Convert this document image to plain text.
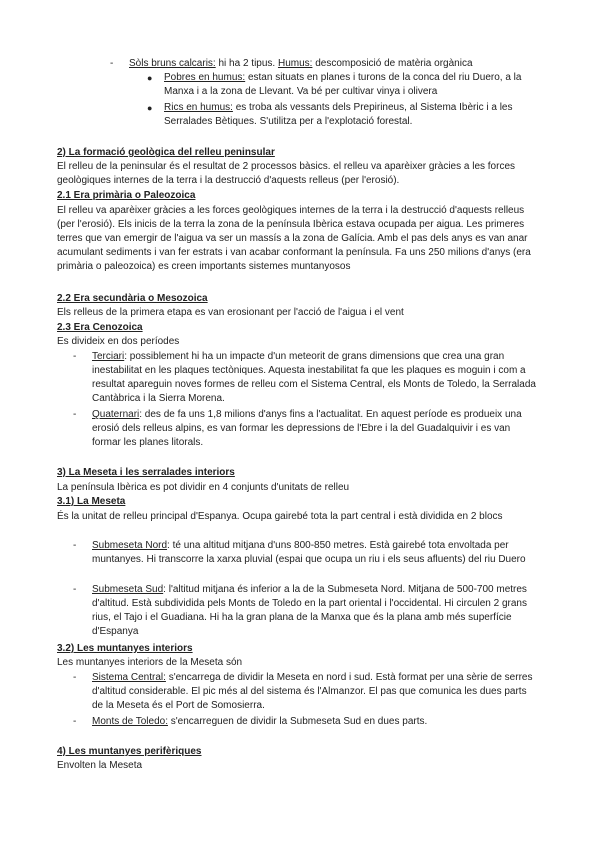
- Sòls bruns calcaris: hi ha 2 tipus. Humus: descomposició de matèria orgànica

● Pobres en humus: estan situats en planes i turons de la conca del riu Duero, a la Manxa i a la zona de Llevant. Va bé per cultivar vinya i olivera

● Rics en humus: es troba als vessants dels Prepirineus, al Sistema Ibèric i a les Serralades Bètiques. S'utilitza per a l'explotació forestal.

2) La formació geològica del relleu peninsular

El relleu de la peninsular és el resultat de 2 processos bàsics. el relleu va aparèixer gràcies a les forces geològiques internes de la terra i la destrucció d'aquests relleus (per l'erosió).

2.1 Era primària o Paleozoica

El relleu va aparèixer gràcies a les forces geològiques internes de la terra i la destrucció d'aquests relleus (per l'erosió). Els inicis de la terra la zona de la península Ibèrica estava ocupada per aigua. Les primeres terres que van emergir de l'aigua va ser un massís a la zona de Galícia. Amb el pas dels anys es van anar acumulant sediments i van fer estrats i van acabar conformant la península. Fa uns 250 milions d'anys (era primària o paleozoica) es creen importants sistemes muntanyosos

2.2 Era secundària o Mesozoica

Els relleus de la primera etapa es van erosionant per l'acció de l'aigua i el vent

2.3 Era Cenozoica

Es divideix en dos períodes

- Terciari: possiblement hi ha un impacte d'un meteorit de grans dimensions que crea una gran inestabilitat en les plaques tectòniques. Aquesta inestabilitat fa que les plaques es moguin i com a resultat apareguin noves formes de relleu com el Sistema Central, els Monts de Toledo, la Serralada Cantàbrica i la Sierra Morena.

- Quaternari: des de fa uns 1,8 milions d'anys fins a l'actualitat. En aquest període es produeix una erosió dels relleus alpins, es van formar les depressions de l'Ebre i la del Guadalquivir i es van formar les planes litorals.

3) La Meseta i les serralades interiors

La península Ibèrica es pot dividir en 4 conjunts d'unitats de relleu

3.1) La Meseta

És la unitat de relleu principal d'Espanya. Ocupa gairebé tota la part central i està dividida en 2 blocs

- Submeseta Nord: té una altitud mitjana d'uns 800-850 metres. Està gairebé tota envoltada per muntanyes. Hi transcorre la xarxa pluvial (espai que ocupa un riu i els seus afluents) del riu Duero

- Submeseta Sud: l'altitud mitjana és inferior a la de la Submeseta Nord. Mitjana de 500-700 metres d'altitud. Està subdividida pels Monts de Toledo en la part oriental i l'occidental. Hi circulen 2 grans rius, el Tajo i el Guadiana. Hi ha la gran plana de la Manxa que és la plana amb més superfície d'Espanya

3.2) Les muntanyes interiors

Les muntanyes interiors de la Meseta són

- Sistema Central: s'encarrega de dividir la Meseta en nord i sud. Està format per una sèrie de serres d'altitud considerable. El pic més al del sistema és l'Almanzor. El pas que comunica les dues parts de la Meseta és el Port de Somosierra.

- Monts de Toledo: s'encarreguen de dividir la Submeseta Sud en dues parts.

4) Les muntanyes perifèriques

Envolten la Meseta
